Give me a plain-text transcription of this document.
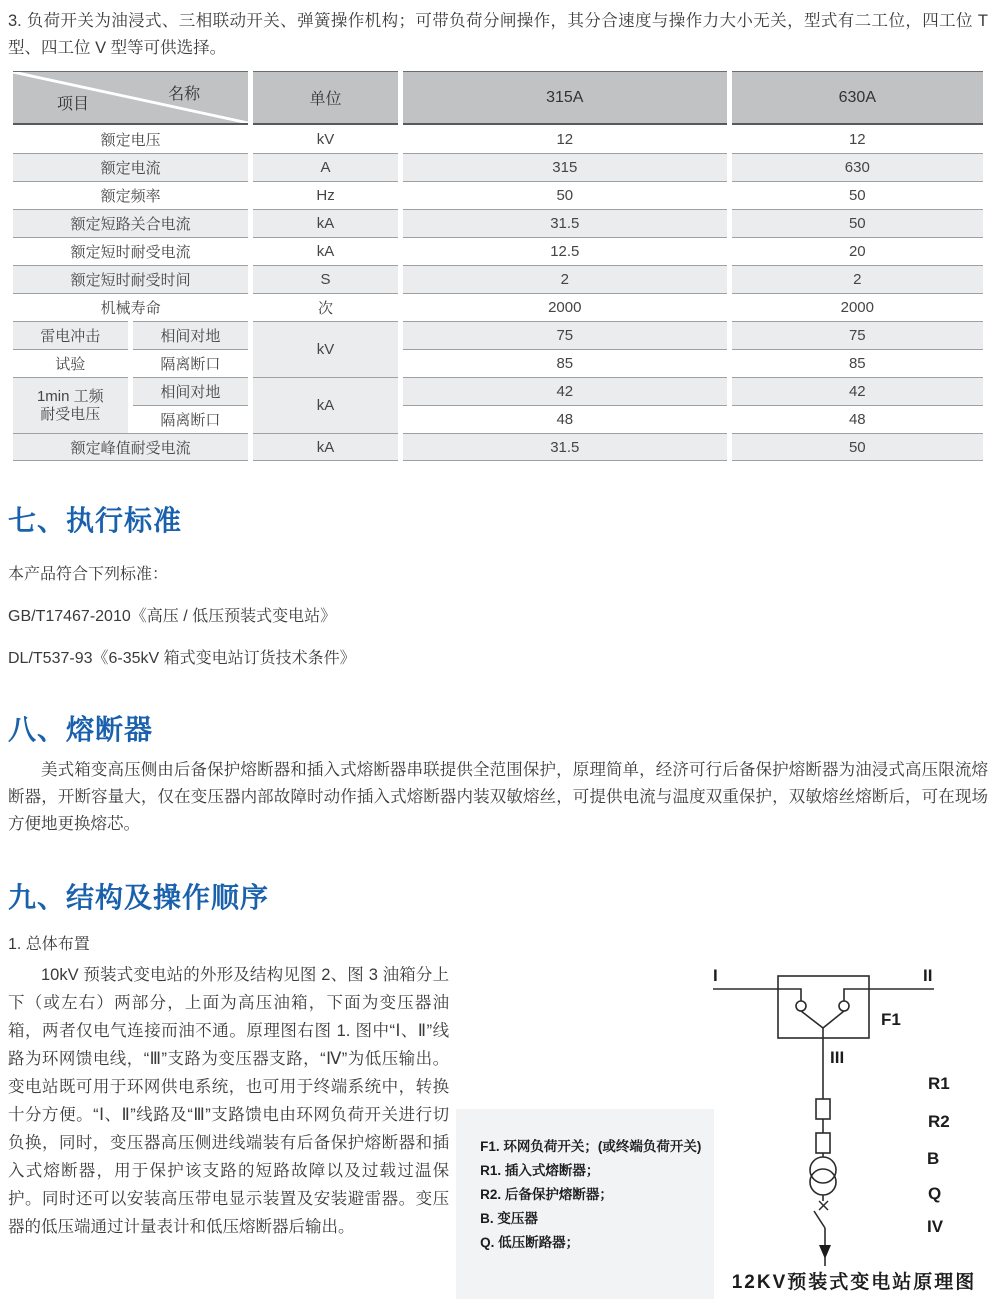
3. 负荷开关为油浸式、三相联动开关、弹簧操作机构；可带负荷分闸操作，其分合速度与操作力大小无关，型式有二工位，四工位 T 型、四工位 V 型等可供选择。

名称
项目		单位	315A	630A
额定电压		kV	12	12
额定电流		A	315	630
额定频率		Hz	50	50
额定短路关合电流		kA	31.5	50
额定短时耐受电流		kA	12.5	20
额定短时耐受时间		S	2	2
机械寿命		次	2000	2000
雷电冲击	相间对地	kV	75	75
试验	隔离断口		85	85

1min 工频
耐受电压	相间对地	kA	42	42
	隔离断口		48	48
额定峰值耐受电流		kA	31.5	50
七、执行标准

本产品符合下列标准：

GB/T17467-2010《高压 / 低压预装式变电站》

DL/T537-93《6-35kV 箱式变电站订货技术条件》

八、熔断器

美式箱变高压侧由后备保护熔断器和插入式熔断器串联提供全范围保护，原理简单，经济可行后备保护熔断器为油浸式高压限流熔断器，开断容量大，仅在变压器内部故障时动作插入式熔断器内装双敏熔丝，可提供电流与温度双重保护，双敏熔丝熔断后，可在现场方便地更换熔芯。

九、结构及操作顺序

1. 总体布置

10kV 预装式变电站的外形及结构见图 2、图 3 油箱分上下（或左右）两部分，上面为高压油箱，下面为变压器油箱，两者仅电气连接而油不通。原理图右图 1. 图中“Ⅰ、Ⅱ”线路为环网馈电线，“Ⅲ”支路为变压器支路，“Ⅳ”为低压输出。变电站既可用于环网供电系统，也可用于终端系统中，转换十分方便。“Ⅰ、Ⅱ”线路及“Ⅲ”支路馈电由环网负荷开关进行切负换，同时，变压器高压侧进线端装有后备保护熔断器和插入式熔断器，用于保护该支路的短路故障以及过载过温保护。同时还可以安装高压带电显示装置及安装避雷器。变压器的低压端通过计量表计和低压熔断器后输出。

I	II
F1
III
R1
R2
B
Q
IV
12KV预装式变电站原理图
F1. 环网负荷开关；(或终端负荷开关)
R1. 插入式熔断器；
R2. 后备保护熔断器；
B. 变压器
Q. 低压断路器；
